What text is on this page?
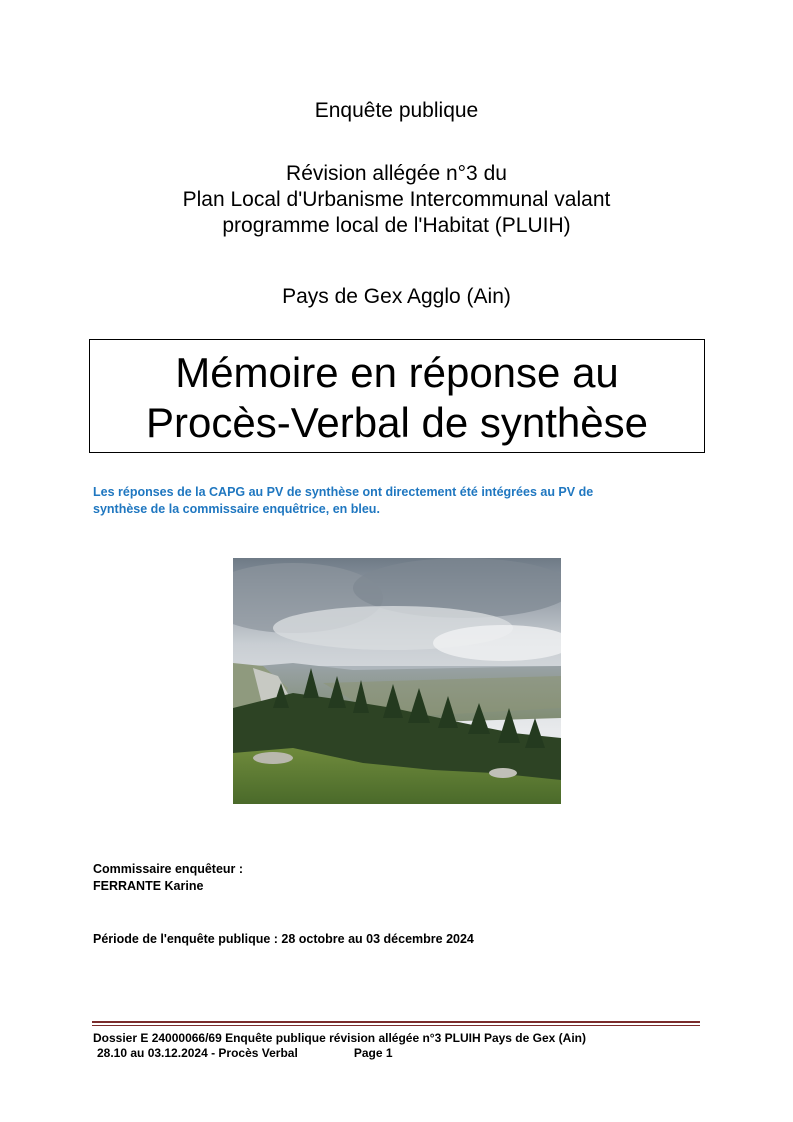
Enquête publique
Révision allégée n°3 du
Plan Local d'Urbanisme Intercommunal valant
programme local de l'Habitat (PLUIH)
Pays de Gex Agglo (Ain)
Mémoire en réponse au
Procès-Verbal de synthèse
Les réponses de la CAPG au PV de synthèse ont directement été intégrées au PV de
synthèse de la commissaire enquêtrice, en bleu.
Commissaire enquêteur :
FERRANTE Karine
Période de l'enquête publique : 28 octobre au 03 décembre 2024
Dossier E 24000066/69 Enquête publique révision allégée n°3 PLUIH Pays de Gex (Ain)
28.10 au 03.12.2024 - Procès Verbal	Page 1
